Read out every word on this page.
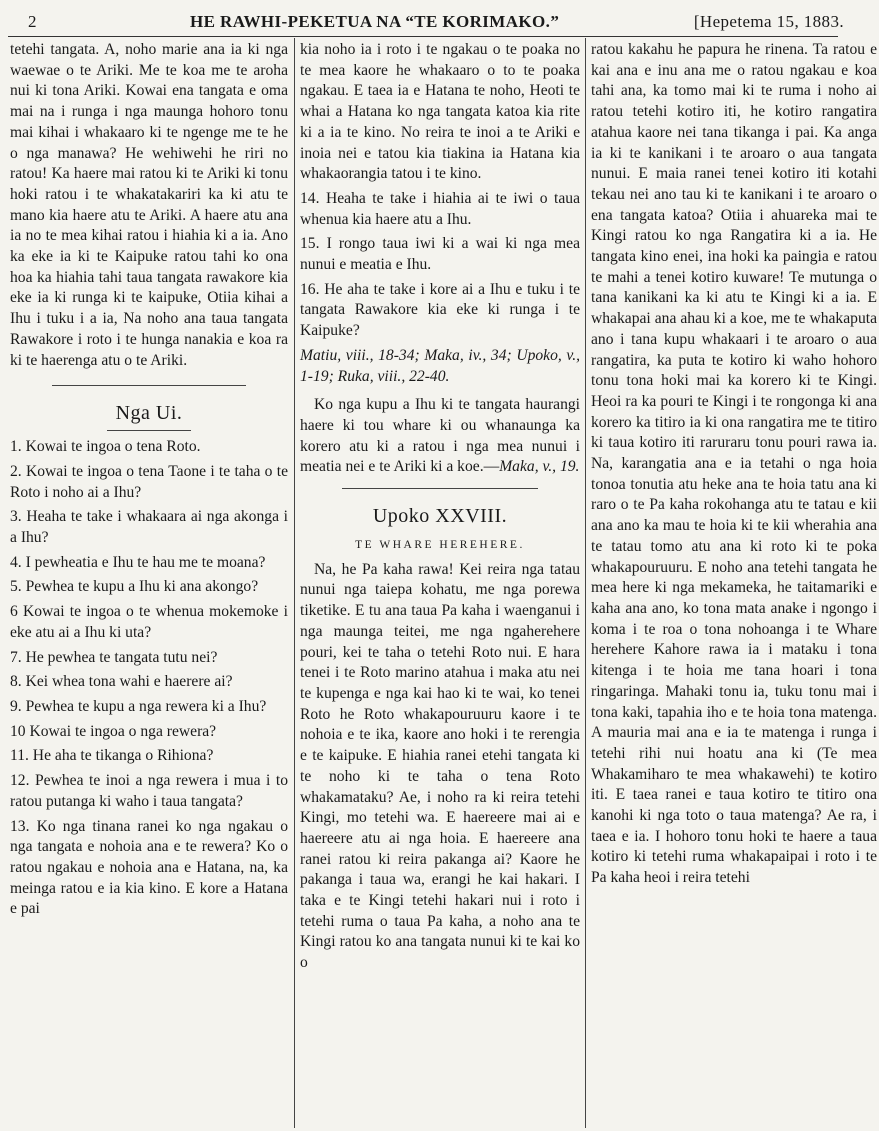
2	HE RAWHI-PEKETUA NA “TE KORIMAKO.”	[Hepetema 15, 1883.

tetehi tangata. A, noho marie ana ia ki nga waewae o te Ariki. Me te koa me te aroha nui ki tona Ariki. Kowai ena tangata e oma mai na i runga i nga maunga hohoro tonu mai kihai i whakaaro ki te ngenge me te he o nga manawa? He wehiwehi he riri no ratou! Ka haere mai ratou ki te Ariki ki tonu hoki ratou i te whakatakariri ka ki atu te mano kia haere atu te Ariki. A haere atu ana ia no te mea kihai ratou i hiahia ki a ia. Ano ka eke ia ki te Kaipuke ratou tahi ko ona hoa ka hiahia tahi taua tangata rawakore kia eke ia ki runga ki te kaipuke, Otiia kihai a Ihu i tuku i a ia, Na noho ana taua tangata Rawakore i roto i te hunga nanakia e koa ra ki te haerenga atu o te Ariki.

Nga Ui.

1. Kowai te ingoa o tena Roto.

2. Kowai te ingoa o tena Taone i te taha o te Roto i noho ai a Ihu?

3. Heaha te take i whakaara ai nga akonga i a Ihu?

4. I pewheatia e Ihu te hau me te moana?

5. Pewhea te kupu a Ihu ki ana akongo?

6 Kowai te ingoa o te whenua mokemoke i eke atu ai a Ihu ki uta?

7. He pewhea te tangata tutu nei?

8. Kei whea tona wahi e haerere ai?

9. Pewhea te kupu a nga rewera ki a Ihu?

10 Kowai te ingoa o nga rewera?

11. He aha te tikanga o Rihiona?

12. Pewhea te inoi a nga rewera i mua i to ratou putanga ki waho i taua tangata?

13. Ko nga tinana ranei ko nga ngakau o nga tangata e nohoia ana e te rewera? Ko o ratou ngakau e nohoia ana e Hatana, na, ka meinga ratou e ia kia kino. E kore a Hatana e pai

kia noho ia i roto i te ngakau o te poaka no te mea kaore he whakaaro o to te poaka ngakau. E taea ia e Hatana te noho, Heoti te whai a Hatana ko nga tangata katoa kia rite ki a ia te kino. No reira te inoi a te Ariki e inoia nei e tatou kia tiakina ia Hatana kia whakaorangia tatou i te kino.

14. Heaha te take i hiahia ai te iwi o taua whenua kia haere atu a Ihu.

15. I rongo taua iwi ki a wai ki nga mea nunui e meatia e Ihu.

16. He aha te take i kore ai a Ihu e tuku i te tangata Rawakore kia eke ki runga i te Kaipuke?

Matiu, viii., 18-34; Maka, iv., 34; Upoko, v., 1-19; Ruka, viii., 22-40.

Ko nga kupu a Ihu ki te tangata haurangi haere ki tou whare ki ou whanaunga ka korero atu ki a ratou i nga mea nunui i meatia nei e te Ariki ki a koe.—Maka, v., 19.

Upoko XXVIII.
TE WHARE HEREHERE.

Na, he Pa kaha rawa! Kei reira nga tatau nunui nga taiepa kohatu, me nga porewa tiketike. E tu ana taua Pa kaha i waenganui i nga maunga teitei, me nga ngaherehere pouri, kei te taha o tetehi Roto nui. E hara tenei i te Roto marino atahua i maka atu nei te kupenga e nga kai hao ki te wai, ko tenei Roto he Roto whakapouruuru kaore i te nohoia e te ika, kaore ano hoki i te rerengia e te kaipuke. E hiahia ranei etehi tangata ki te noho ki te taha o tena Roto whakamataku? Ae, i noho ra ki reira tetehi Kingi, mo tetehi wa. E haereere mai ai e haereere atu ai nga hoia. E haereere ana ranei ratou ki reira pakanga ai? Kaore he pakanga i taua wa, erangi he kai hakari. I taka e te Kingi tetehi hakari nui i roto i tetehi ruma o taua Pa kaha, a noho ana te Kingi ratou ko ana tangata nunui ki te kai ko o

ratou kakahu he papura he rinena. Ta ratou e kai ana e inu ana me o ratou ngakau e koa tahi ana, ka tomo mai ki te ruma i noho ai ratou tetehi kotiro iti, he kotiro rangatira atahua kaore nei tana tikanga i pai. Ka anga ia ki te kanikani i te aroaro o aua tangata nunui. E maia ranei tenei kotiro iti kotahi tekau nei ano tau ki te kanikani i te aroaro o ena tangata katoa? Otiia i ahuareka mai te Kingi ratou ko nga Rangatira ki a ia. He tangata kino enei, ina hoki ka paingia e ratou te mahi a tenei kotiro kuware! Te mutunga o tana kanikani ka ki atu te Kingi ki a ia. E whakapai ana ahau ki a koe, me te whakaputa ano i tana kupu whakaari i te aroaro o aua rangatira, ka puta te kotiro ki waho hohoro tonu tona hoki mai ka korero ki te Kingi. Heoi ra ka pouri te Kingi i te rongonga ki ana korero ka titiro ia ki ona rangatira me te titiro ki taua kotiro iti raruraru tonu pouri rawa ia. Na, karangatia ana e ia tetahi o nga hoia tonoa tonutia atu heke ana te hoia tatu ana ki raro o te Pa kaha rokohanga atu te tatau e kii ana ano ka mau te hoia ki te kii wherahia ana te tatau tomo atu ana ki roto ki te poka whakapouruuru. E noho ana tetehi tangata he mea here ki nga mekameka, he taitamariki e kaha ana ano, ko tona mata anake i ngongo i koma i te roa o tona nohoanga i te Whare herehere Kahore rawa ia i mataku i tona kitenga i te hoia me tana hoari i tona ringaringa. Mahaki tonu ia, tuku tonu mai i tona kaki, tapahia iho e te hoia tona matenga. A mauria mai ana e ia te matenga i runga i tetehi rihi nui hoatu ana ki (Te mea Whakamiharo te mea whakawehi) te kotiro iti. E taea ranei e taua kotiro te titiro ona kanohi ki nga toto o taua matenga? Ae ra, i taea e ia. I hohoro tonu hoki te haere a taua kotiro ki tetehi ruma whakapaipai i roto i te Pa kaha heoi i reira tetehi
